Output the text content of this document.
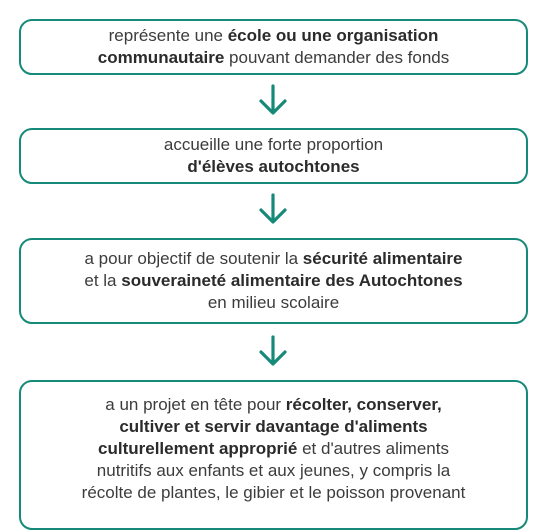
représente une école ou une organisation
communautaire pouvant demander des fonds
accueille une forte proportion
d'élèves autochtones
a pour objectif de soutenir la sécurité alimentaire
et la souveraineté alimentaire des Autochtones
en milieu scolaire
a un projet en tête pour récolter, conserver,
cultiver et servir davantage d'aliments
culturellement approprié et d'autres aliments
nutritifs aux enfants et aux jeunes, y compris la
récolte de plantes, le gibier et le poisson provenant
